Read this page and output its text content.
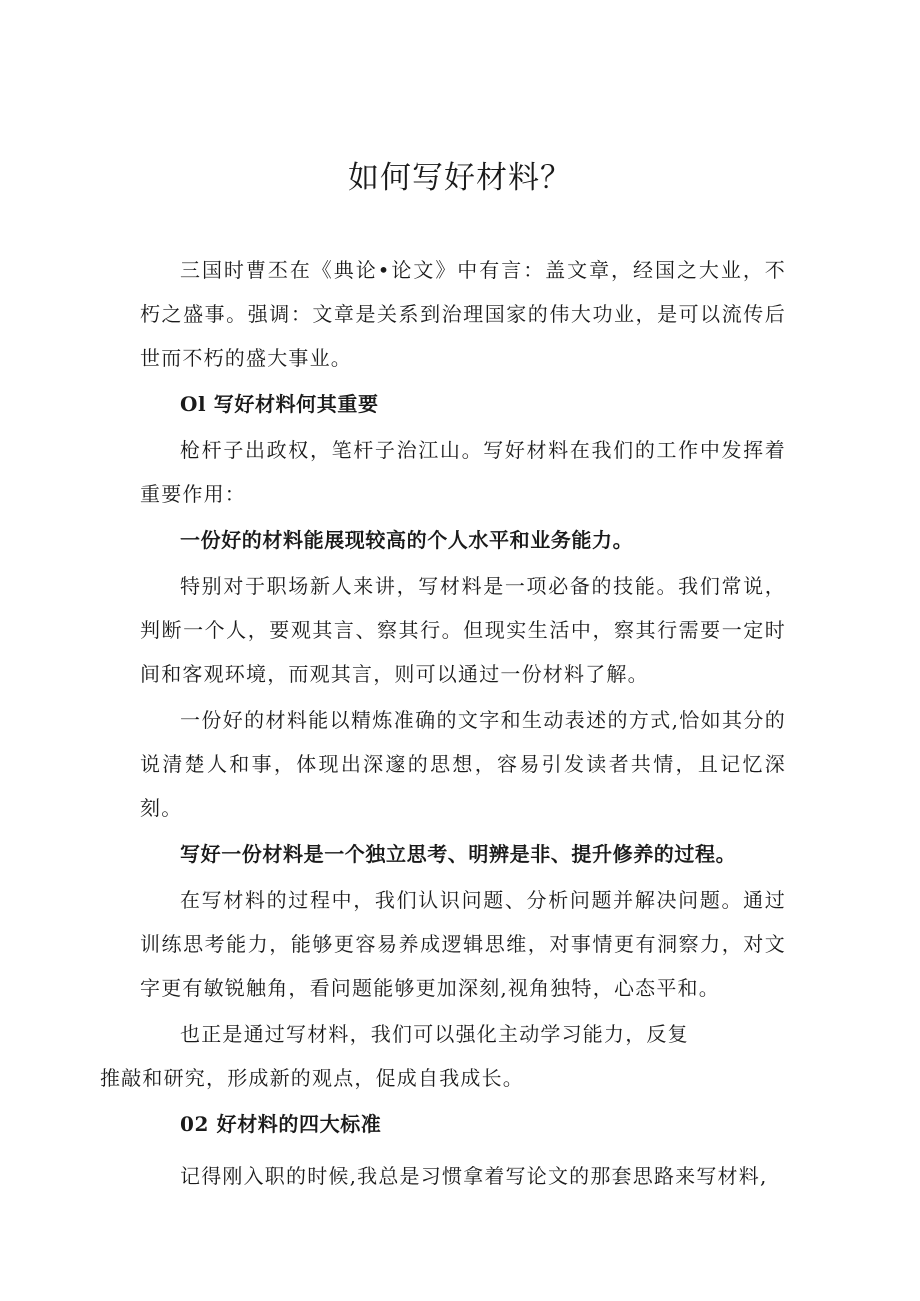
如何写好材料？

三国时曹丕在《典论•论文》中有言：盖文章，经国之大业，不朽之盛事。强调：文章是关系到治理国家的伟大功业，是可以流传后世而不朽的盛大事业。

Ol 写好材料何其重要

枪杆子出政权，笔杆子治江山。写好材料在我们的工作中发挥着重要作用：

一份好的材料能展现较高的个人水平和业务能力。

特别对于职场新人来讲，写材料是一项必备的技能。我们常说，判断一个人，要观其言、察其行。但现实生活中，察其行需要一定时间和客观环境，而观其言，则可以通过一份材料了解。

一份好的材料能以精炼准确的文字和生动表述的方式,恰如其分的说清楚人和事，体现出深邃的思想，容易引发读者共情，且记忆深刻。

写好一份材料是一个独立思考、明辨是非、提升修养的过程。

在写材料的过程中，我们认识问题、分析问题并解决问题。通过训练思考能力，能够更容易养成逻辑思维，对事情更有洞察力，对文字更有敏锐触角，看问题能够更加深刻,视角独特，心态平和。

也正是通过写材料，我们可以强化主动学习能力，反复
推敲和研究，形成新的观点，促成自我成长。

02 好材料的四大标准

记得刚入职的时候,我总是习惯拿着写论文的那套思路来写材料,
